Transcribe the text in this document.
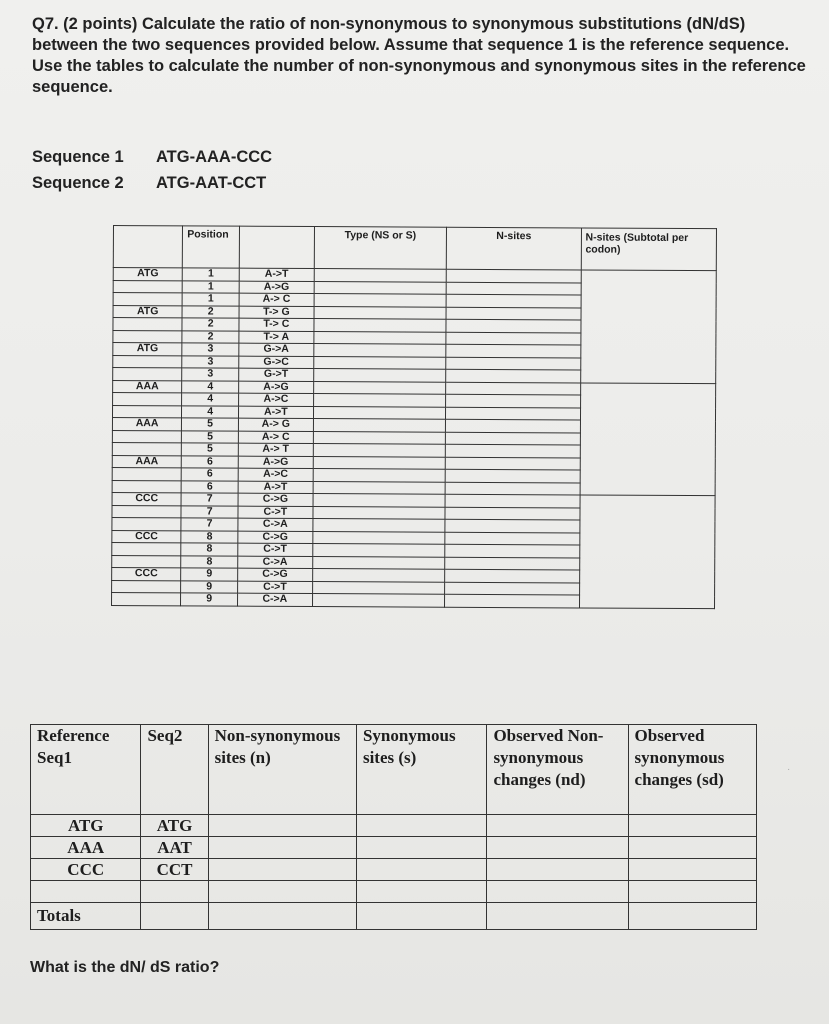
Q7. (2 points) Calculate the ratio of non-synonymous to synonymous substitutions (dN/dS) between the two sequences provided below. Assume that sequence 1 is the reference sequence. Use the tables to calculate the number of non-synonymous and synonymous sites in the reference sequence.
Sequence 1 ATG-AAA-CCC
Sequence 2 ATG-AAT-CCT
	Position		Type (NS or S)	N-sites	N-sites (Subtotal per codon)
ATG	1	A->T			
	1	A->G			
	1	A-> C			
ATG	2	T-> G			
	2	T-> C			
	2	T-> A			
ATG	3	G->A			
	3	G->C			
	3	G->T			
AAA	4	A->G			
	4	A->C			
	4	A->T			
AAA	5	A-> G			
	5	A-> C			
	5	A-> T			
AAA	6	A->G			
	6	A->C			
	6	A->T			
CCC	7	C->G			
	7	C->T			
	7	C->A			
CCC	8	C->G			
	8	C->T			
	8	C->A			
CCC	9	C->G			
	9	C->T			
	9	C->A			
Reference Seq1	Seq2	Non-synonymous sites (n)	Synonymous sites (s)	Observed Non-synonymous changes (nd)	Observed synonymous changes (sd)
ATG	ATG				
AAA	AAT				
CCC	CCT				

Totals					
What is the dN/ dS ratio?
·
